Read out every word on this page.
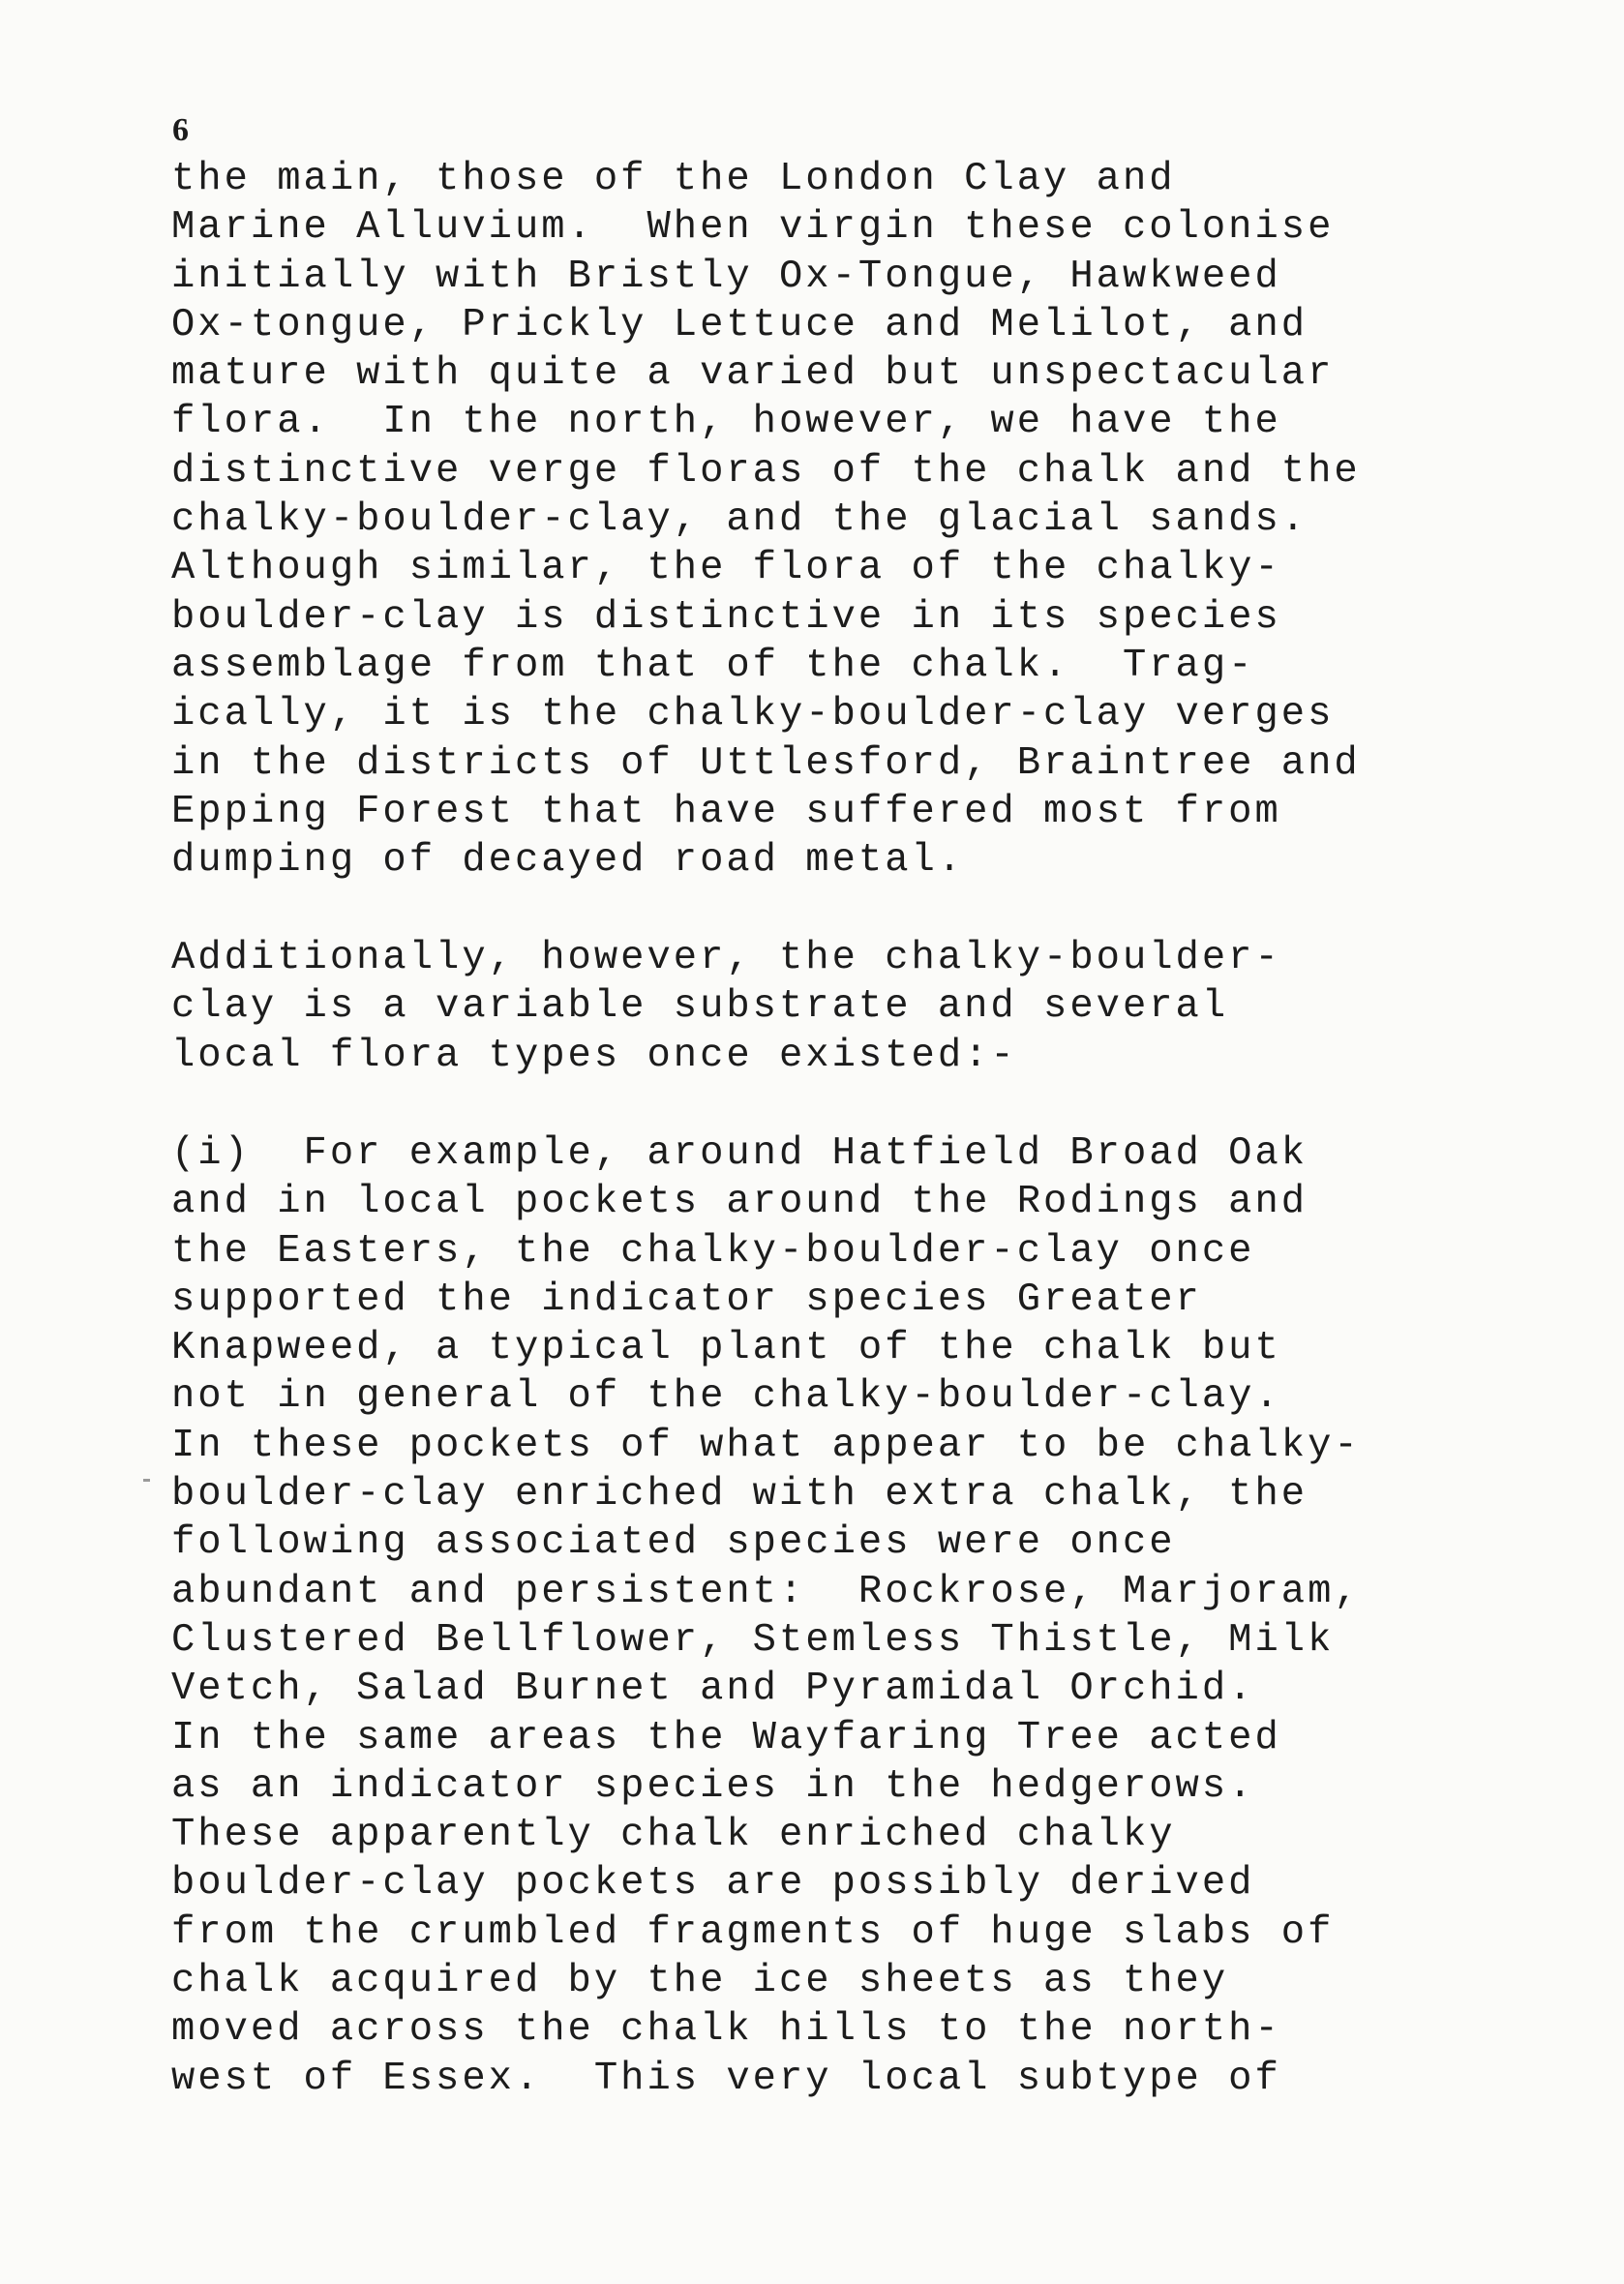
6

the main, those of the London Clay and
Marine Alluvium.  When virgin these colonise
initially with Bristly Ox-Tongue, Hawkweed
Ox-tongue, Prickly Lettuce and Melilot, and
mature with quite a varied but unspectacular
flora.  In the north, however, we have the
distinctive verge floras of the chalk and the
chalky-boulder-clay, and the glacial sands.
Although similar, the flora of the chalky-
boulder-clay is distinctive in its species
assemblage from that of the chalk.  Trag-
ically, it is the chalky-boulder-clay verges
in the districts of Uttlesford, Braintree and
Epping Forest that have suffered most from
dumping of decayed road metal.
Additionally, however, the chalky-boulder-
clay is a variable substrate and several
local flora types once existed:-
(i)  For example, around Hatfield Broad Oak
and in local pockets around the Rodings and
the Easters, the chalky-boulder-clay once
supported the indicator species Greater
Knapweed, a typical plant of the chalk but
not in general of the chalky-boulder-clay.
In these pockets of what appear to be chalky-
boulder-clay enriched with extra chalk, the
following associated species were once
abundant and persistent:  Rockrose, Marjoram,
Clustered Bellflower, Stemless Thistle, Milk
Vetch, Salad Burnet and Pyramidal Orchid.
In the same areas the Wayfaring Tree acted
as an indicator species in the hedgerows.
These apparently chalk enriched chalky
boulder-clay pockets are possibly derived
from the crumbled fragments of huge slabs of
chalk acquired by the ice sheets as they
moved across the chalk hills to the north-
west of Essex.  This very local subtype of
